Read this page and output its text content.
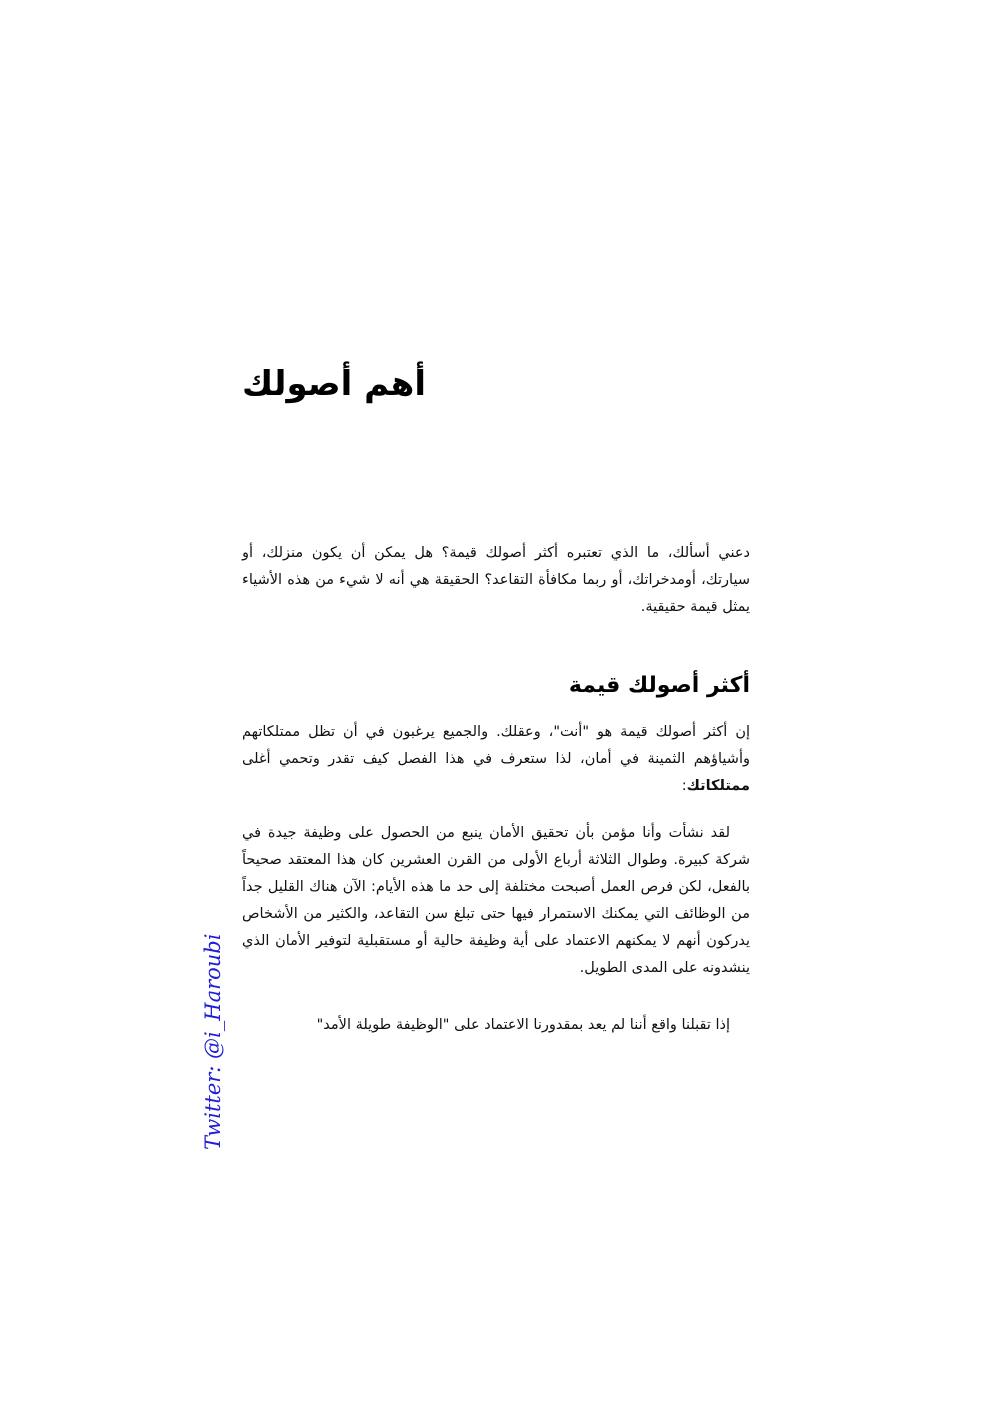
أهم أصولك

دعني أسألك، ما الذي تعتبره أكثر أصولك قيمة؟ هل يمكن أن يكون منزلك، أو سيارتك، أومدخراتك، أو ربما مكافأة التقاعد؟ الحقيقة هي أنه لا شيء من هذه الأشياء يمثل قيمة حقيقية.

أكثر أصولك قيمة

إن أكثر أصولك قيمة هو "أنت"، وعقلك. والجميع يرغبون في أن تظل ممتلكاتهم وأشياؤهم الثمينة في أمان، لذا ستعرف في هذا الفصل كيف تقدر وتحمي أغلى ممتلكاتك:

لقد نشأت وأنا مؤمن بأن تحقيق الأمان ينبع من الحصول على وظيفة جيدة في شركة كبيرة. وطوال الثلاثة أرباع الأولى من القرن العشرين كان هذا المعتقد صحيحاً بالفعل، لكن فرص العمل أصبحت مختلفة إلى حد ما هذه الأيام: الآن هناك القليل جداً من الوظائف التي يمكنك الاستمرار فيها حتى تبلغ سن التقاعد، والكثير من الأشخاص يدركون أنهم لا يمكنهم الاعتماد على أية وظيفة حالية أو مستقبلية لتوفير الأمان الذي ينشدونه على المدى الطويل.

إذا تقبلنا واقع أننا لم يعد بمقدورنا الاعتماد على "الوظيفة طويلة الأمد"

Twitter: @i_Haroubi
